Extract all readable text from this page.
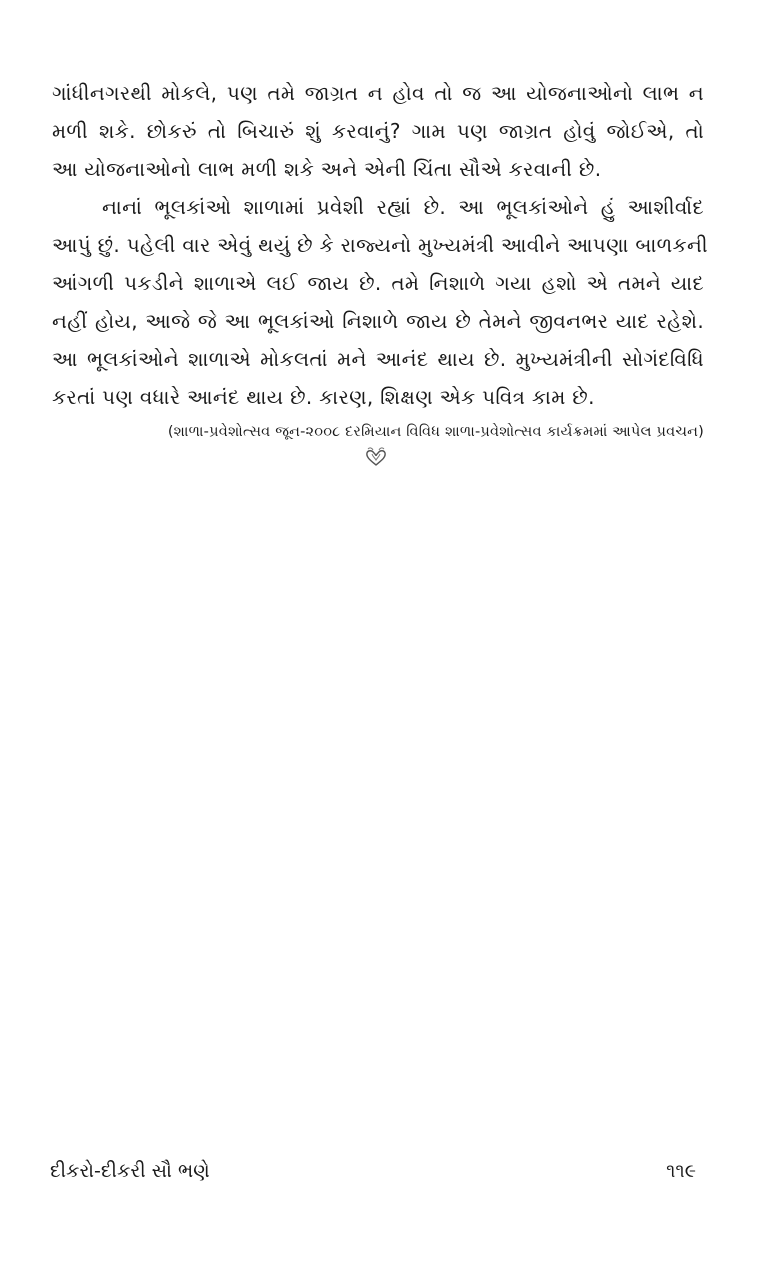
ગાંધીનગરથી મોકલે, પણ તમે જાગ્રત ન હોવ તો જ આ યોજનાઓનો લાભ ન
મળી શકે. છોકરું તો બિચારું શું કરવાનું? ગામ પણ જાગ્રત હોવું જોઈએ, તો
આ યોજનાઓનો લાભ મળી શકે અને એની ચિંતા સૌએ કરવાની છે.
નાનાં ભૂલકાંઓ શાળામાં પ્રવેશી રહ્યાં છે. આ ભૂલકાંઓને હું આશીર્વાદ
આપું છું. પહેલી વાર એવું થયું છે કે રાજ્યનો મુખ્યમંત્રી આવીને આપણા બાળકની
આંગળી પકડીને શાળાએ લઈ જાય છે. તમે નિશાળે ગયા હશો એ તમને યાદ
નહીં હોય, આજે જે આ ભૂલકાંઓ નિશાળે જાય છે તેમને જીવનભર યાદ રહેશે.
આ ભૂલકાંઓને શાળાએ મોકલતાં મને આનંદ થાય છે. મુખ્યમંત્રીની સોગંદવિધિ
કરતાં પણ વધારે આનંદ થાય છે. કારણ, શિક્ષણ એક પવિત્ર કામ છે.
(શાળા-પ્રવેશોત્સવ જૂન-૨૦૦૮ દરમિયાન વિવિધ શાળા-પ્રવેશોત્સવ કાર્યક્રમમાં આપેલ પ્રવચન)
દીકરો-દીકરી સૌ ભણે	૧૧૯
